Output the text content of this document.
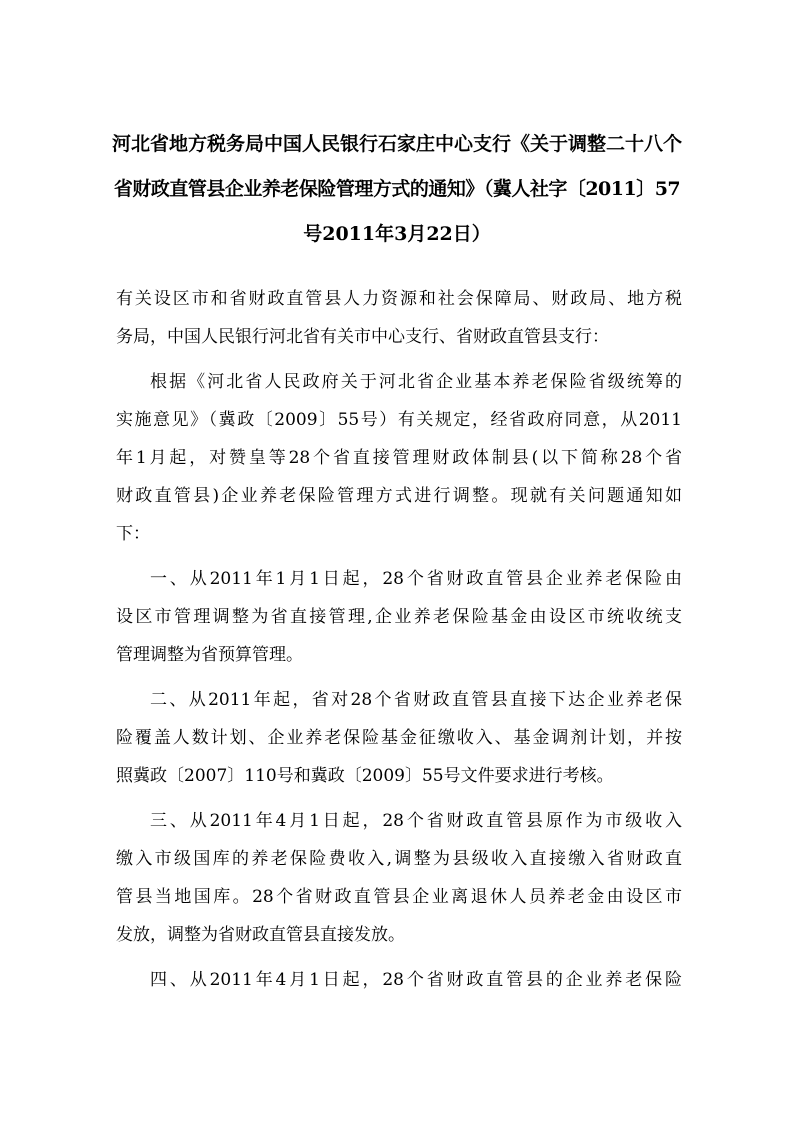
河北省地方税务局中国人民银行石家庄中心支行《关于调整二十八个
省财政直管县企业养老保险管理方式的通知》（冀人社字〔2011〕57
号2011年3月22日）

有关设区市和省财政直管县人力资源和社会保障局、财政局、地方税
务局，中国人民银行河北省有关市中心支行、省财政直管县支行：

根据《河北省人民政府关于河北省企业基本养老保险省级统筹的
实施意见》（冀政〔2009〕55号）有关规定，经省政府同意，从2011
年1月起，对赞皇等28个省直接管理财政体制县(以下简称28个省
财政直管县)企业养老保险管理方式进行调整。现就有关问题通知如
下：

一、从2011年1月1日起，28个省财政直管县企业养老保险由
设区市管理调整为省直接管理,企业养老保险基金由设区市统收统支
管理调整为省预算管理。

二、从2011年起，省对28个省财政直管县直接下达企业养老保
险覆盖人数计划、企业养老保险基金征缴收入、基金调剂计划，并按
照冀政〔2007〕110号和冀政〔2009〕55号文件要求进行考核。

三、从2011年4月1日起，28个省财政直管县原作为市级收入
缴入市级国库的养老保险费收入,调整为县级收入直接缴入省财政直
管县当地国库。28个省财政直管县企业离退休人员养老金由设区市
发放，调整为省财政直管县直接发放。

四、从2011年4月1日起，28个省财政直管县的企业养老保险
